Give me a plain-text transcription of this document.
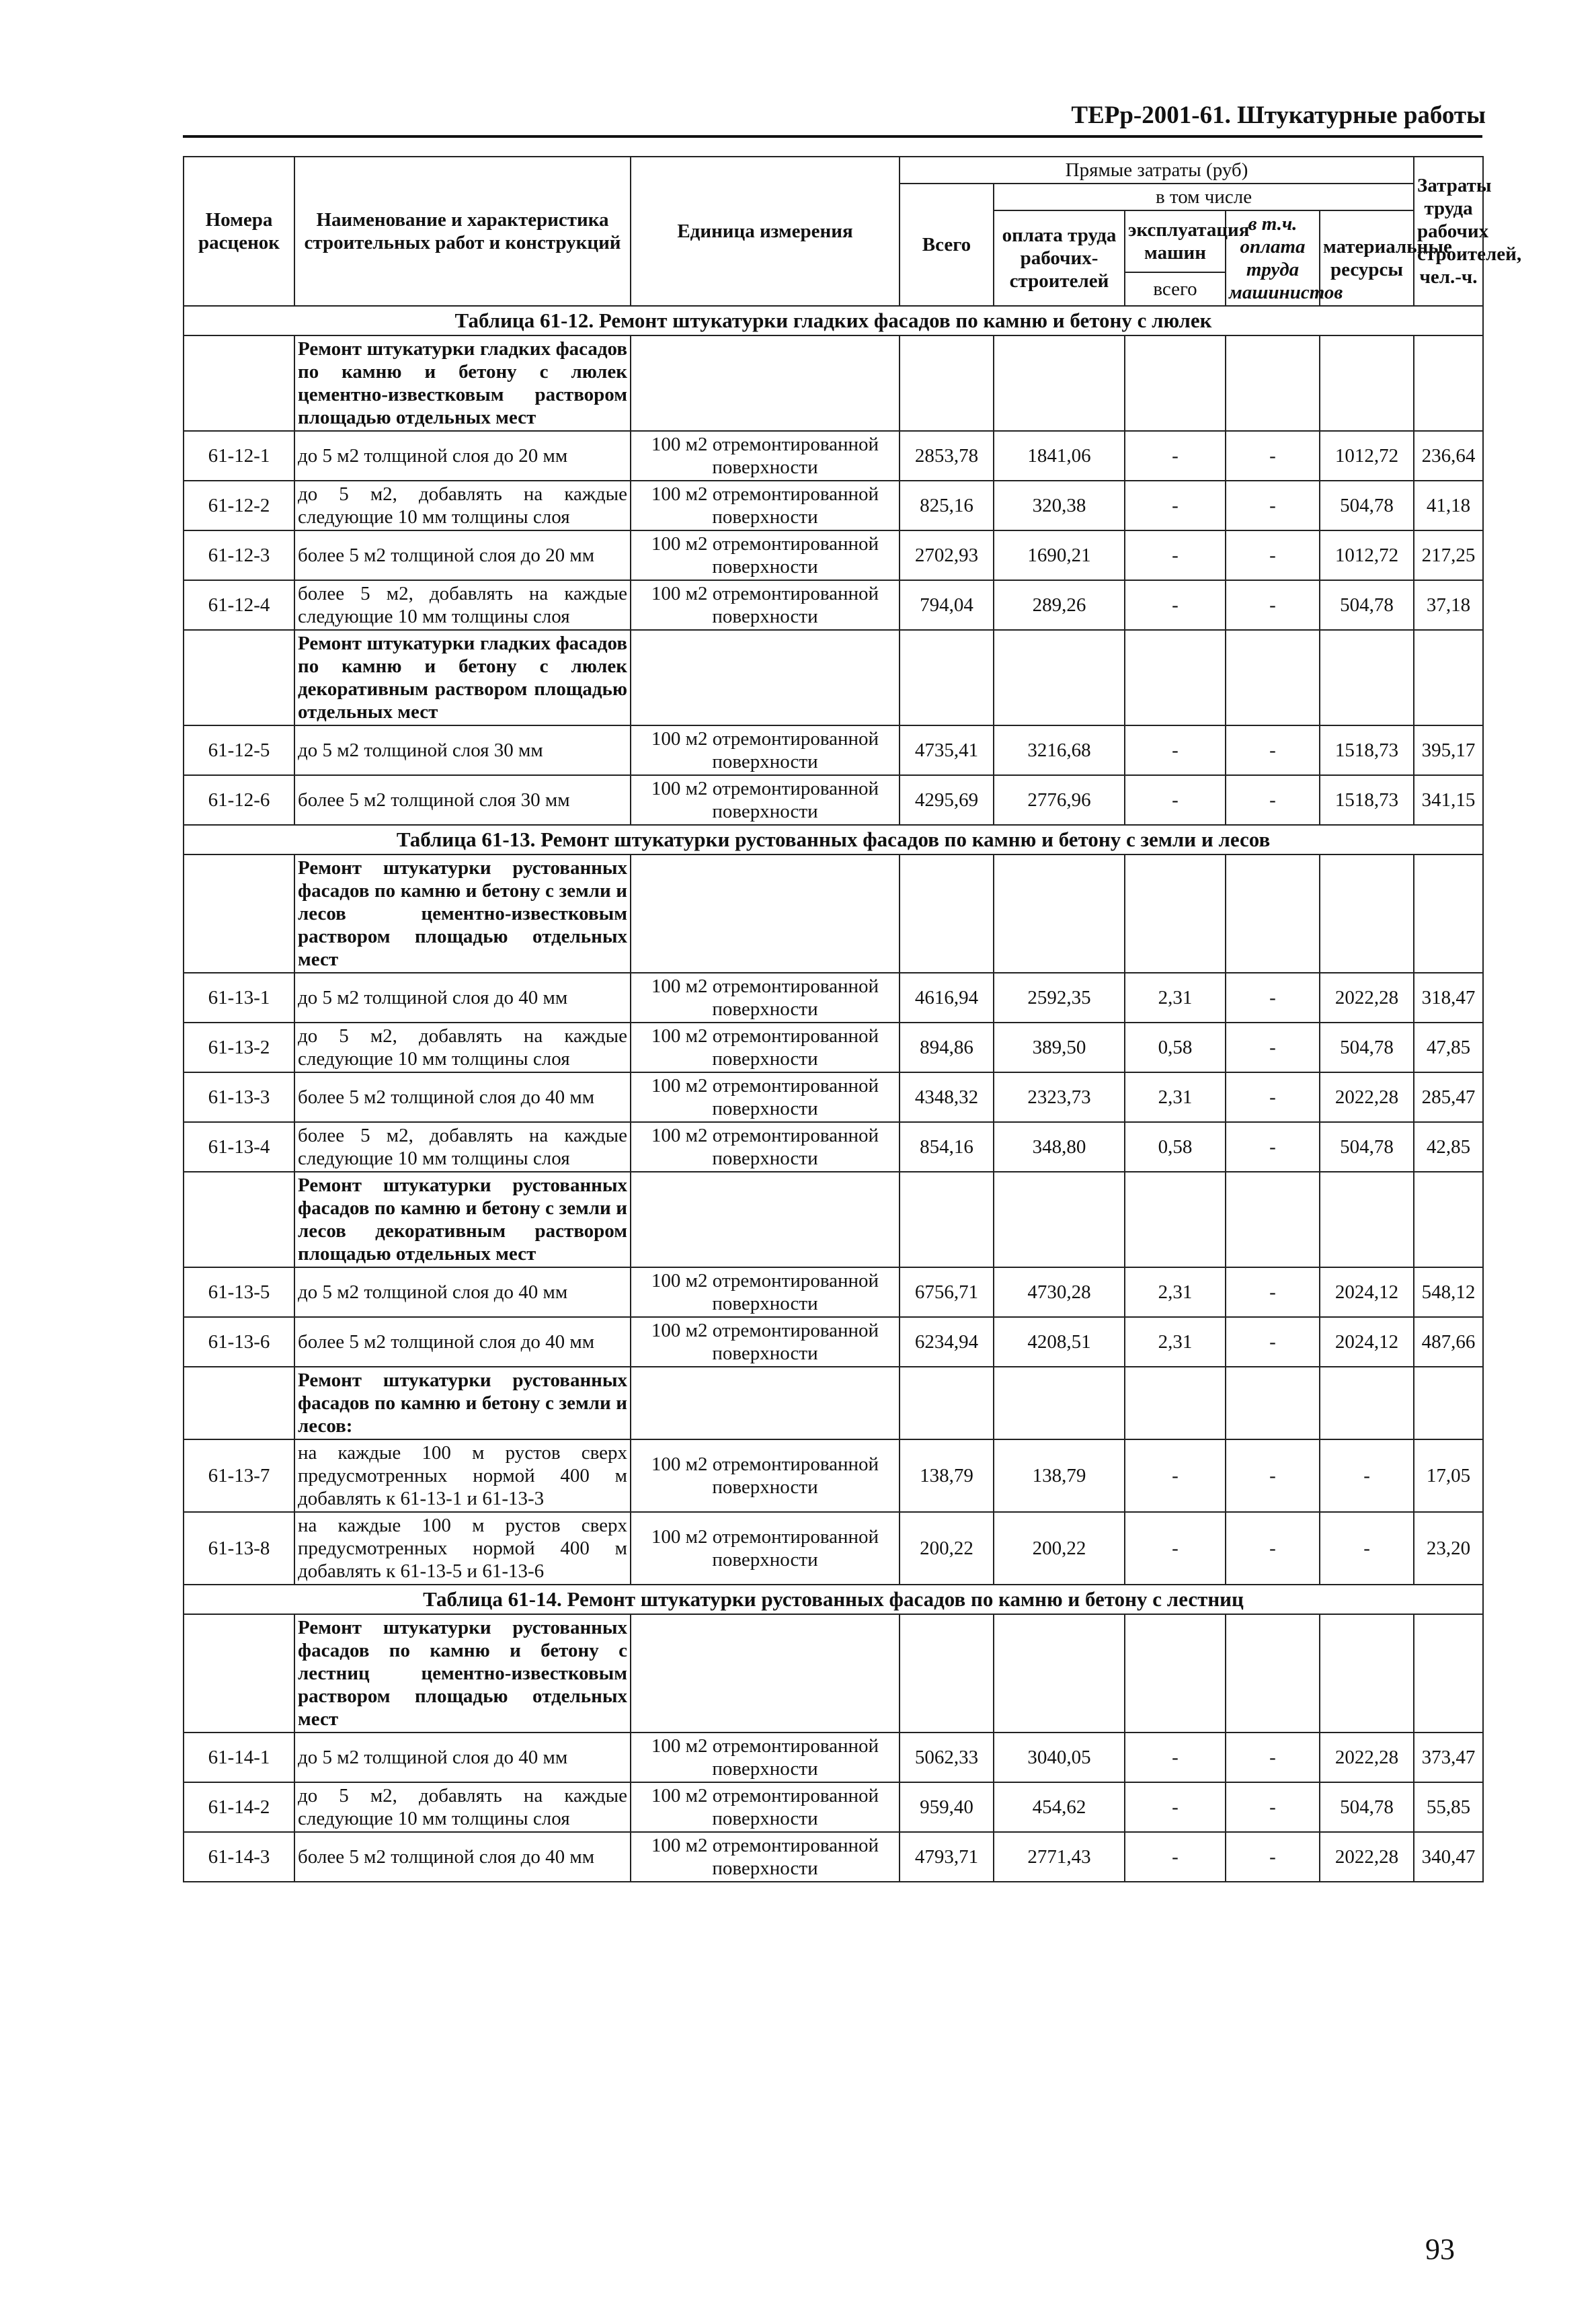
ТЕРр-2001-61. Штукатурные работы
Номера расценок	Наименование и характеристика строительных работ и конструкций	Единица измерения	Прямые затраты (руб)					Затраты труда рабочих строителей, чел.-ч.
			Всего	в том числе				
				оплата труда рабочих-строителей	эксплуатация машин	в т.ч. оплата труда машинистов	материальные ресурсы	
					всего			
Таблица 61-12. Ремонт штукатурки гладких фасадов по камню и бетону с люлек								
	Ремонт штукатурки гладких фасадов по камню и бетону с люлек цементно-известковым раствором площадью отдельных мест							
61-12-1	до 5 м2 толщиной слоя до 20 мм	100 м2 отремонтированной поверхности	2853,78	1841,06	-	-	1012,72	236,64
61-12-2	до 5 м2, добавлять на каждые следующие 10 мм толщины слоя	100 м2 отремонтированной поверхности	825,16	320,38	-	-	504,78	41,18
61-12-3	более 5 м2 толщиной слоя до 20 мм	100 м2 отремонтированной поверхности	2702,93	1690,21	-	-	1012,72	217,25
61-12-4	более 5 м2, добавлять на каждые следующие 10 мм толщины слоя	100 м2 отремонтированной поверхности	794,04	289,26	-	-	504,78	37,18
	Ремонт штукатурки гладких фасадов по камню и бетону с люлек декоративным раствором площадью отдельных мест							
61-12-5	до 5 м2 толщиной слоя 30 мм	100 м2 отремонтированной поверхности	4735,41	3216,68	-	-	1518,73	395,17
61-12-6	более 5 м2 толщиной слоя 30 мм	100 м2 отремонтированной поверхности	4295,69	2776,96	-	-	1518,73	341,15
Таблица 61-13. Ремонт штукатурки рустованных фасадов по камню и бетону с земли и лесов								
	Ремонт штукатурки рустованных фасадов по камню и бетону с земли и лесов цементно-известковым раствором площадью отдельных мест							
61-13-1	до 5 м2 толщиной слоя до 40 мм	100 м2 отремонтированной поверхности	4616,94	2592,35	2,31	-	2022,28	318,47
61-13-2	до 5 м2, добавлять на каждые следующие 10 мм толщины слоя	100 м2 отремонтированной поверхности	894,86	389,50	0,58	-	504,78	47,85
61-13-3	более 5 м2 толщиной слоя до 40 мм	100 м2 отремонтированной поверхности	4348,32	2323,73	2,31	-	2022,28	285,47
61-13-4	более 5 м2, добавлять на каждые следующие 10 мм толщины слоя	100 м2 отремонтированной поверхности	854,16	348,80	0,58	-	504,78	42,85
	Ремонт штукатурки рустованных фасадов по камню и бетону с земли и лесов декоративным раствором площадью отдельных мест							
61-13-5	до 5 м2 толщиной слоя до 40 мм	100 м2 отремонтированной поверхности	6756,71	4730,28	2,31	-	2024,12	548,12
61-13-6	более 5 м2 толщиной слоя до 40 мм	100 м2 отремонтированной поверхности	6234,94	4208,51	2,31	-	2024,12	487,66
	Ремонт штукатурки рустованных фасадов по камню и бетону с земли и лесов:							
61-13-7	на каждые 100 м рустов сверх предусмотренных нормой 400 м добавлять к 61-13-1 и 61-13-3	100 м2 отремонтированной поверхности	138,79	138,79	-	-	-	17,05
61-13-8	на каждые 100 м рустов сверх предусмотренных нормой 400 м добавлять к 61-13-5 и 61-13-6	100 м2 отремонтированной поверхности	200,22	200,22	-	-	-	23,20
Таблица 61-14. Ремонт штукатурки рустованных фасадов по камню и бетону с лестниц								
	Ремонт штукатурки рустованных фасадов по камню и бетону с лестниц цементно-известковым раствором площадью отдельных мест							
61-14-1	до 5 м2 толщиной слоя до 40 мм	100 м2 отремонтированной поверхности	5062,33	3040,05	-	-	2022,28	373,47
61-14-2	до 5 м2, добавлять на каждые следующие 10 мм толщины слоя	100 м2 отремонтированной поверхности	959,40	454,62	-	-	504,78	55,85
61-14-3	более 5 м2 толщиной слоя до 40 мм	100 м2 отремонтированной поверхности	4793,71	2771,43	-	-	2022,28	340,47
93
